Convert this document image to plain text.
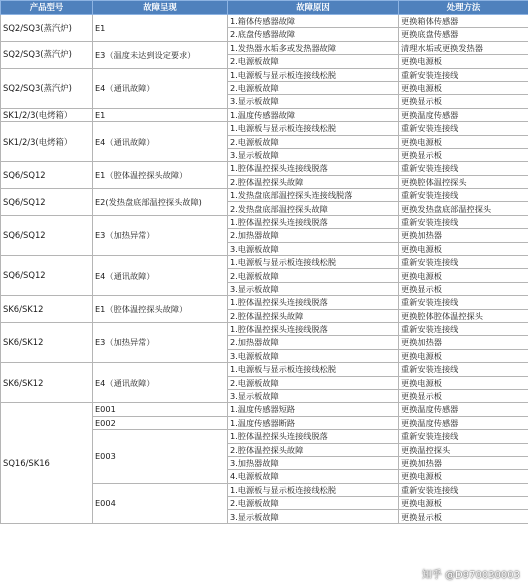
产品型号	故障呈现	故障原因	处理方法
SQ2/SQ3(蒸汽炉)	E1	1.箱体传感器故障	更换箱体传感器
		2.底盘传感器故障	更换底盘传感器
SQ2/SQ3(蒸汽炉)	E3（温度未达到设定要求）	1.发热器水垢多或发热器故障	清理水垢或更换发热器
		2.电源板故障	更换电源板
SQ2/SQ3(蒸汽炉)	E4（通讯故障）	1.电源板与显示板连接线松脱	重新安装连接线
		2.电源板故障	更换电源板
		3.显示板故障	更换显示板
SK1/2/3(电烤箱）	E1	1.温度传感器故障	更换温度传感器
SK1/2/3(电烤箱）	E4（通讯故障）	1.电源板与显示板连接线松脱	重新安装连接线
		2.电源板故障	更换电源板
		3.显示板故障	更换显示板
SQ6/SQ12	E1（腔体温控探头故障）	1.腔体温控探头连接线脱落	重新安装连接线
		2.腔体温控探头故障	更换腔体温控探头
SQ6/SQ12	E2(发热盘底部温控探头故障)	1.发热盘底部温控探头连接线脱落	重新安装连接线
		2.发热盘底部温控探头故障	更换发热盘底部温控探头
SQ6/SQ12	E3（加热异常）	1.腔体温控探头连接线脱落	重新安装连接线
		2.加热器故障	更换加热器
		3.电源板故障	更换电源板
SQ6/SQ12	E4（通讯故障）	1.电源板与显示板连接线松脱	重新安装连接线
		2.电源板故障	更换电源板
		3.显示板故障	更换显示板
SK6/SK12	E1（腔体温控探头故障）	1.腔体温控探头连接线脱落	重新安装连接线
		2.腔体温控探头故障	更换腔体腔体温控探头
SK6/SK12	E3（加热异常）	1.腔体温控探头连接线脱落	重新安装连接线
		2.加热器故障	更换加热器
		3.电源板故障	更换电源板
SK6/SK12	E4（通讯故障）	1.电源板与显示板连接线松脱	重新安装连接线
		2.电源板故障	更换电源板
		3.显示板故障	更换显示板
SQ16/SK16	E001	1.温度传感器短路	更换温度传感器
	E002	1.温度传感器断路	更换温度传感器
	E003	1.腔体温控探头连接线脱落	重新安装连接线
		2.腔体温控探头故障	更换温控探头
		3.加热器故障	更换加热器
		4.电源板故障	更换电源板
	E004	1.电源板与显示板连接线松脱	重新安装连接线
		2.电源板故障	更换电源板
		3.显示板故障	更换显示板
知乎 @D970030003
